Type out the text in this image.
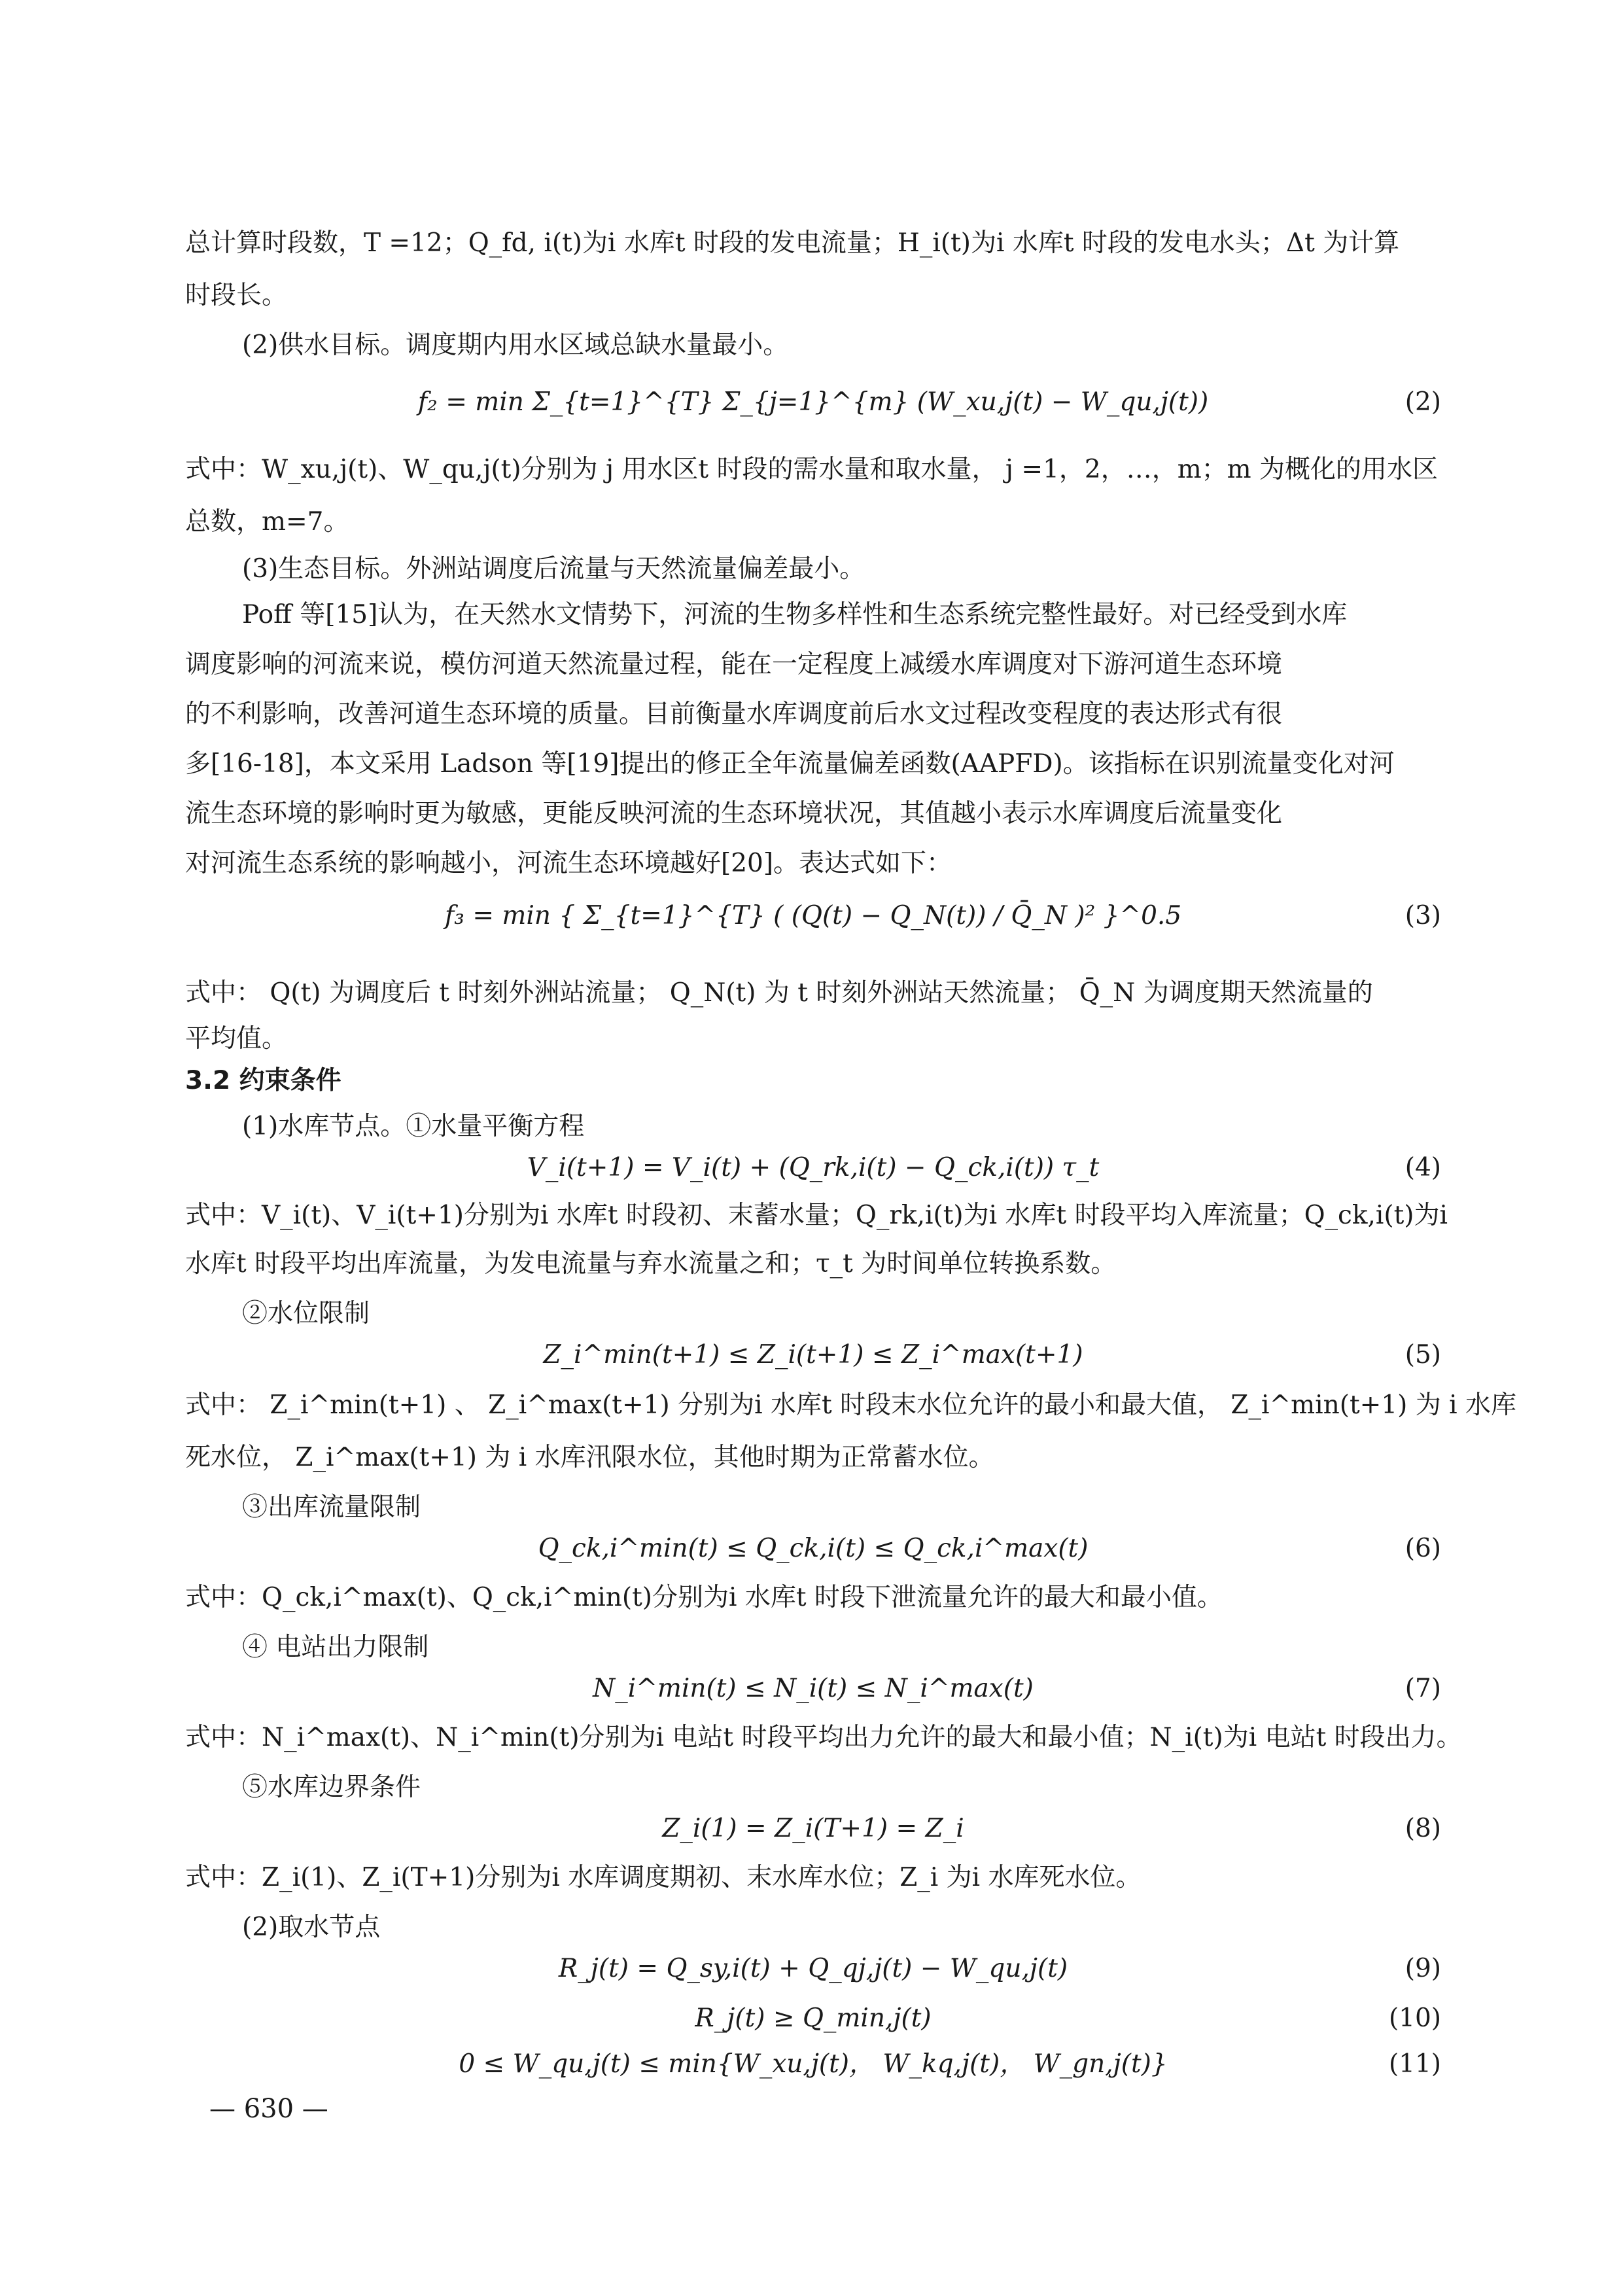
总计算时段数，T =12；Q_fd, i(t)为i 水库t 时段的发电流量；H_i(t)为i 水库t 时段的发电水头；Δt 为计算
时段长。
(2)供水目标。调度期内用水区域总缺水量最小。
f₂ = min Σ_{t=1}^{T} Σ_{j=1}^{m} (W_xu,j(t) − W_qu,j(t))	(2)
式中：W_xu,j(t)、W_qu,j(t)分别为 j 用水区t 时段的需水量和取水量， j =1，2，…，m；m 为概化的用水区
总数，m=7。
(3)生态目标。外洲站调度后流量与天然流量偏差最小。
Poff 等[15]认为，在天然水文情势下，河流的生物多样性和生态系统完整性最好。对已经受到水库
调度影响的河流来说，模仿河道天然流量过程，能在一定程度上减缓水库调度对下游河道生态环境
的不利影响，改善河道生态环境的质量。目前衡量水库调度前后水文过程改变程度的表达形式有很
多[16-18]，本文采用 Ladson 等[19]提出的修正全年流量偏差函数(AAPFD)。该指标在识别流量变化对河
流生态环境的影响时更为敏感，更能反映河流的生态环境状况，其值越小表示水库调度后流量变化
对河流生态系统的影响越小，河流生态环境越好[20]。表达式如下：
f₃ = min { Σ_{t=1}^{T} ( (Q(t) − Q_N(t)) / Q̄_N )² }^0.5	(3)
式中： Q(t) 为调度后 t 时刻外洲站流量； Q_N(t) 为 t 时刻外洲站天然流量； Q̄_N 为调度期天然流量的
平均值。
3.2 约束条件
(1)水库节点。①水量平衡方程
V_i(t+1) = V_i(t) + (Q_rk,i(t) − Q_ck,i(t)) τ_t	(4)
式中：V_i(t)、V_i(t+1)分别为i 水库t 时段初、末蓄水量；Q_rk,i(t)为i 水库t 时段平均入库流量；Q_ck,i(t)为i
水库t 时段平均出库流量，为发电流量与弃水流量之和；τ_t 为时间单位转换系数。
②水位限制
Z_i^min(t+1) ≤ Z_i(t+1) ≤ Z_i^max(t+1)	(5)
式中： Z_i^min(t+1) 、 Z_i^max(t+1) 分别为i 水库t 时段末水位允许的最小和最大值， Z_i^min(t+1) 为 i 水库
死水位， Z_i^max(t+1) 为 i 水库汛限水位，其他时期为正常蓄水位。
③出库流量限制
Q_ck,i^min(t) ≤ Q_ck,i(t) ≤ Q_ck,i^max(t)	(6)
式中：Q_ck,i^max(t)、Q_ck,i^min(t)分别为i 水库t 时段下泄流量允许的最大和最小值。
④ 电站出力限制
N_i^min(t) ≤ N_i(t) ≤ N_i^max(t)	(7)
式中：N_i^max(t)、N_i^min(t)分别为i 电站t 时段平均出力允许的最大和最小值；N_i(t)为i 电站t 时段出力。
⑤水库边界条件
Z_i(1) = Z_i(T+1) = Z_i	(8)
式中：Z_i(1)、Z_i(T+1)分别为i 水库调度期初、末水库水位；Z_i 为i 水库死水位。
(2)取水节点
R_j(t) = Q_sy,i(t) + Q_qj,j(t) − W_qu,j(t)	(9)
R_j(t) ≥ Q_min,j(t)	(10)
0 ≤ W_qu,j(t) ≤ min{W_xu,j(t)， W_kq,j(t)， W_gn,j(t)}	(11)
— 630 —
